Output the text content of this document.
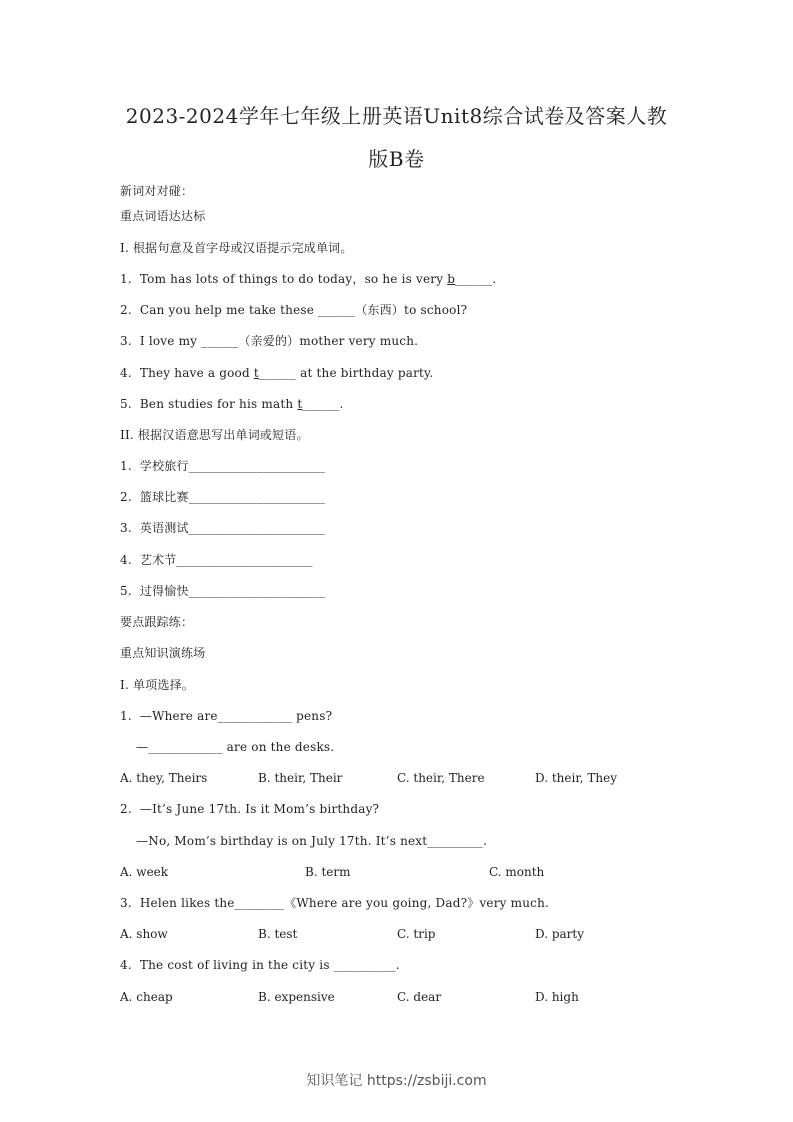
2023-2024学年七年级上册英语Unit8综合试卷及答案人教
版B卷
新词对对碰：
重点词语达达标
I. 根据句意及首字母或汉语提示完成单词。
1.  Tom has lots of things to do today，so he is very b______.
2.  Can you help me take these ______（东西）to school?
3.  I love my ______（亲爱的）mother very much.
4.  They have a good t______ at the birthday party.
5.  Ben studies for his math t______.
II. 根据汉语意思写出单词或短语。
1.  学校旅行______________________
2.  篮球比赛______________________
3.  英语测试______________________
4.  艺术节______________________
5.  过得愉快______________________
要点跟踪练：
重点知识演练场
I. 单项选择。
1.  —Where are____________ pens?
—____________ are on the desks.
A. they, Theirs	B. their, Their	C. their, There	D. their, They
2.  —It’s June 17th. Is it Mom’s birthday?
—No, Mom’s birthday is on July 17th. It’s next_________.
A. week	B. term	C. month
3.  Helen likes the________《Where are you going, Dad?》very much.
A. show	B. test	C. trip	D. party
4.  The cost of living in the city is __________.
A. cheap	B. expensive	C. dear	D. high
知识笔记 https://zsbiji.com
